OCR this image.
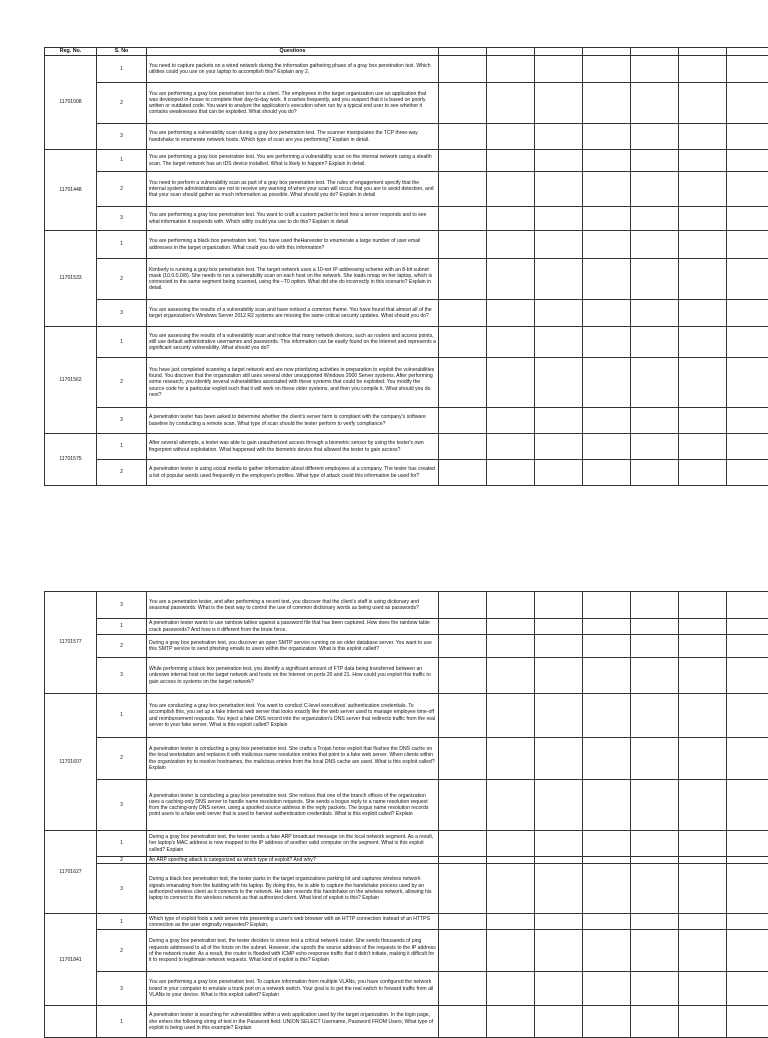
Reg. No.	S. No	Questions							
11701008	1	You need to capture packets on a wired network during the information gathering phase of a gray box penetration test. Which utilities could you use on your laptop to accomplish this? Explain any 2.							
	2	You are performing a gray box penetration test for a client. The employees in the target organization use an application that was developed in-house to complete their day-to-day work. It crashes frequently, and you suspect that it is based on poorly written or outdated code. You want to analyze the application's execution when run by a typical end user to see whether it contains weaknesses that can be exploited. What should you do?							
	3	You are performing a vulnerability scan during a gray box penetration test. The scanner manipulates the TCP three-way handshake to enumerate network hosts. Which type of scan are you performing? Explain in detail.							
11701448	1	You are performing a gray box penetration test. You are performing a vulnerability scan on the internal network using a stealth scan. The target network has an IDS device installed. What is likely to happen? Explain in detail.							
	2	You need to perform a vulnerability scan as part of a gray box penetration test. The rules of engagement specify that the internal system administrators are not to receive any warning of when your scan will occur, that you are to avoid detection, and that your scan should gather as much information as possible. What should you do? Explain in detail							
	3	You are performing a gray box penetration test. You want to craft a custom packet to test how a server responds and to see what information it responds with. Which utility could you use to do this? Explain in detail							
11701533	1	You are performing a black box penetration test. You have used theHarvester to enumerate a large number of user email addresses in the target organization. What could you do with this information?							
	2	Kimberly is running a gray box penetration test. The target network uses a 10-net IP addressing scheme with an 8-bit subnet mask (10.0.0.0/8). She needs to run a vulnerability scan on each host on the network. She loads nmap on her laptop, which is connected to the same segment being scanned, using the –T0 option. What did she do incorrectly in this scenario? Explain in detail.							
	3	You are assessing the results of a vulnerability scan and have noticed a common theme. You have found that almost all of the target organization's Windows Server 2012 R2 systems are missing the same critical security updates. What should you do?							
11701562	1	You are assessing the results of a vulnerability scan and notice that many network devices, such as routers and access points, still use default administrative usernames and passwords. This information can be easily found on the Internet and represents a significant security vulnerability. What should you do?							
	2	You have just completed scanning a target network and are now prioritizing activities in preparation to exploit the vulnerabilities found. You discover that the organization still uses several older unsupported Windows 2000 Server systems. After performing some research, you identify several vulnerabilities associated with these systems that could be exploited. You modify the source code for a particular exploit such that it will work on these older systems, and then you compile it. What should you do next?							
	3	A penetration tester has been asked to determine whether the client's server farm is compliant with the company's software baseline by conducting a remote scan. What type of scan should the tester perform to verify compliance?							
11701575	1	After several attempts, a tester was able to gain unauthorized access through a biometric sensor by using the tester's own fingerprint without exploitation. What happened with the biometric device that allowed the tester to gain access?							
	2	A penetration tester is using social media to gather information about different employees at a company. The tester has created a list of popular words used frequently in the employee's profiles. What type of attack could this information be used for?							
11701577	3	You are a penetration tester, and after performing a recent test, you discover that the client's staff is using dictionary and seasonal passwords. What is the best way to control the use of common dictionary words as being used as passwords?							
	1	A penetration tester wants to use rainbow tables against a password file that has been captured. How does the rainbow table crack passwords? And how is it different from the brute force.							
	2	During a gray box penetration test, you discover an open SMTP service running on an older database server. You want to use this SMTP service to send phishing emails to users within the organization. What is this exploit called?							
	3	While performing a black box penetration test, you identify a significant amount of FTP data being transferred between an unknown internal host on the target network and hosts on the Internet on ports 20 and 21. How could you exploit this traffic to gain access to systems on the target network?							
11701607	1	You are conducting a gray box penetration test. You want to conduct C-level executives' authentication credentials. To accomplish this, you set up a fake internal web server that looks exactly like the web server used to manage employee time-off and reimbursement requests. You inject a fake DNS record into the organization's DNS server that redirects traffic from the real server to your fake server. What is this exploit called? Explain							
	2	A penetration tester is conducting a gray box penetration test. She crafts a Trojan horse exploit that flushes the DNS cache on the local workstation and replaces it with malicious name resolution entries that point to a fake web server. When clients within the organization try to resolve hostnames, the malicious entries from the local DNS cache are used. What is this exploit called? Explain							
	3	A penetration tester is conducting a gray box penetration test. She notices that one of the branch offices of the organization uses a caching-only DNS server to handle name resolution requests. She sends a bogus reply to a name resolution request from the caching-only DNS server, using a spoofed source address in the reply packets. The bogus name resolution records point users to a fake web server that is used to harvest authentication credentials. What is this exploit called? Explain							
11701627	1	During a gray box penetration test, the tester sends a fake ARP broadcast message on the local network segment. As a result, her laptop's MAC address is now mapped to the IP address of another valid computer on the segment. What is this exploit called? Explain							
	2	An ARP spoofing attack is categorized as which type of exploit? And why?							
	3	During a black box penetration test, the tester parks in the target organizations parking lot and captures wireless network signals emanating from the building with his laptop. By doing this, he is able to capture the handshake process used by an authorized wireless client as it connects to the network. He later resends this handshake on the wireless network, allowing his laptop to connect to the wireless network as that authorized client. What kind of exploit is this? Explain							
11701841	1	Which type of exploit fools a web server into presenting a user's web browser with an HTTP connection instead of an HTTPS connection as the user originally requested? Explain,							
	2	During a gray box penetration test, the tester decides to stress test a critical network router. She sends thousands of ping requests addressed to all of the hosts on the subnet. However, she spoofs the source address of the requests to the IP address of the network router. As a result, the router is flooded with ICMP echo response traffic that it didn't initiate, making it difficult for it to respond to legitimate network requests. What kind of exploit is this? Explain							
	3	You are performing a gray box penetration test. To capture information from multiple VLANs, you have configured the network board in your computer to emulate a trunk port on a network switch. Your goal is to get the real switch to forward traffic from all VLANs to your device. What is this exploit called? Explain							
	1	A penetration tester is searching for vulnerabilities within a web application used by the target organization. In the login page, she enters the following string of text in the Password field: UNION SELECT Username, Password FROM Users; What type of exploit is being used in this example? Explain							
